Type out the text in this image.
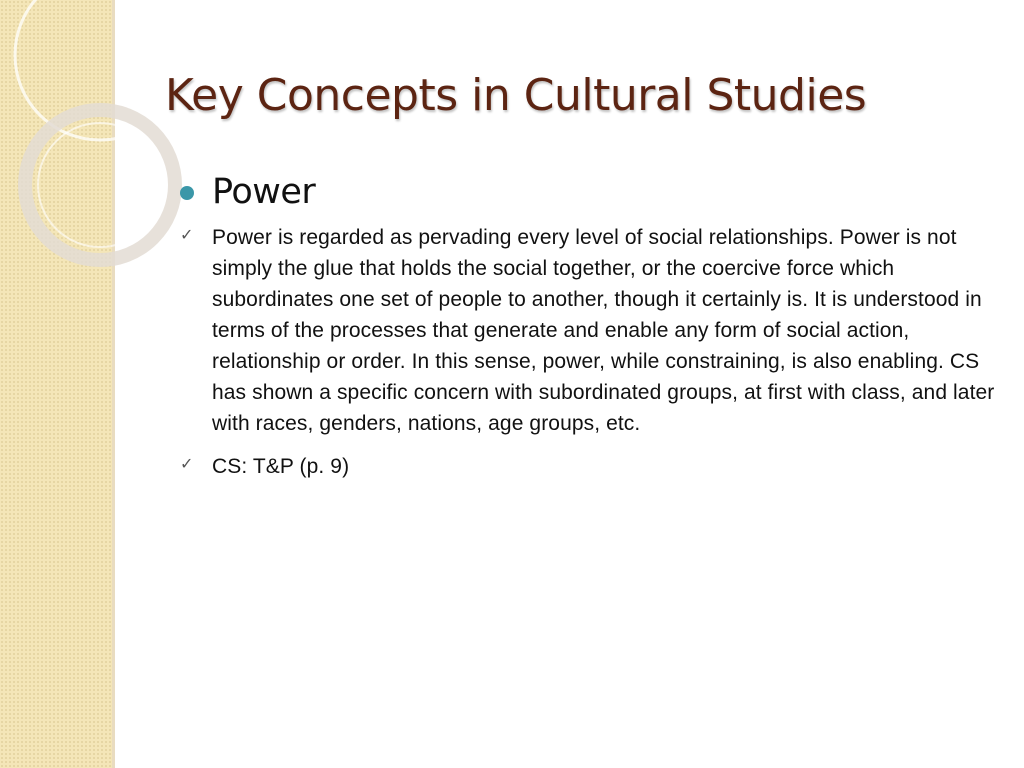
Key Concepts in Cultural Studies
Power
✓ Power is regarded as pervading every level of social relationships. Power is not simply the glue that holds the social together, or the coercive force which subordinates one set of people to another, though it certainly is. It is understood in terms of the processes that generate and enable any form of social action, relationship or order. In this sense, power, while constraining, is also enabling. CS has shown a specific concern with subordinated groups, at first with class, and later with races, genders, nations, age groups, etc.
✓ CS: T&P (p. 9)
